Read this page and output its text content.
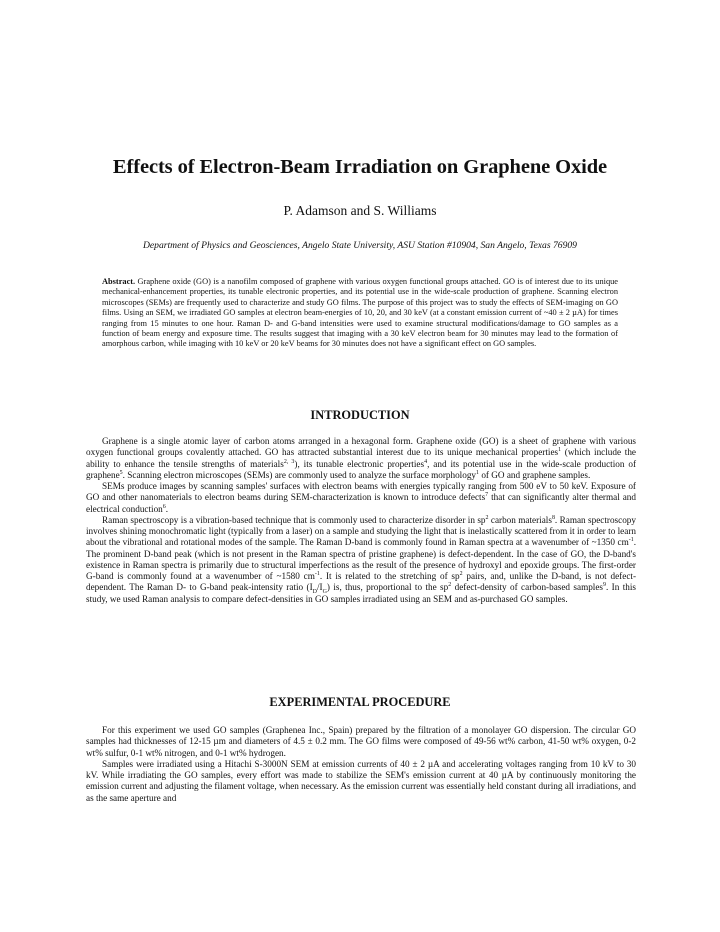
Effects of Electron-Beam Irradiation on Graphene Oxide
P. Adamson and S. Williams
Department of Physics and Geosciences, Angelo State University, ASU Station #10904, San Angelo, Texas 76909
Abstract. Graphene oxide (GO) is a nanofilm composed of graphene with various oxygen functional groups attached. GO is of interest due to its unique mechanical-enhancement properties, its tunable electronic properties, and its potential use in the wide-scale production of graphene. Scanning electron microscopes (SEMs) are frequently used to characterize and study GO films. The purpose of this project was to study the effects of SEM-imaging on GO films. Using an SEM, we irradiated GO samples at electron beam-energies of 10, 20, and 30 keV (at a constant emission current of ~40 ± 2 µA) for times ranging from 15 minutes to one hour. Raman D- and G-band intensities were used to examine structural modifications/damage to GO samples as a function of beam energy and exposure time. The results suggest that imaging with a 30 keV electron beam for 30 minutes may lead to the formation of amorphous carbon, while imaging with 10 keV or 20 keV beams for 30 minutes does not have a significant effect on GO samples.
INTRODUCTION

Graphene is a single atomic layer of carbon atoms arranged in a hexagonal form. Graphene oxide (GO) is a sheet of graphene with various oxygen functional groups covalently attached. GO has attracted substantial interest due to its unique mechanical properties$^1$ (which include the ability to enhance the tensile strengths of materials$^{2, 3}$), its tunable electronic properties$^4$, and its potential use in the wide-scale production of graphene$^5$. Scanning electron microscopes (SEMs) are commonly used to analyze the surface morphology$^1$ of GO and graphene samples.

SEMs produce images by scanning samples' surfaces with electron beams with energies typically ranging from 500 eV to 50 keV. Exposure of GO and other nanomaterials to electron beams during SEM-characterization is known to introduce defects$^7$ that can significantly alter thermal and electrical conduction$^6$.

Raman spectroscopy is a vibration-based technique that is commonly used to characterize disorder in $sp^2$ carbon materials$^8$. Raman spectroscopy involves shining monochromatic light (typically from a laser) on a sample and studying the light that is inelastically scattered from it in order to learn about the vibrational and rotational modes of the sample. The Raman D-band is commonly found in Raman spectra at a wavenumber of ~1350 $cm^{-1}$. The prominent D-band peak (which is not present in the Raman spectra of pristine graphene) is defect-dependent. In the case of GO, the D-band's existence in Raman spectra is primarily due to structural imperfections as the result of the presence of hydroxyl and epoxide groups. The first-order G-band is commonly found at a wavenumber of ~1580 $cm^{-1}$. It is related to the stretching of $sp^2$ pairs, and, unlike the D-band, is not defect-dependent. The Raman D- to G-band peak-intensity ratio $(I_D/I_G)$ is, thus, proportional to the $sp^2$ defect-density of carbon-based samples$^9$. In this study, we used Raman analysis to compare defect-densities in GO samples irradiated using an SEM and as-purchased GO samples.

EXPERIMENTAL PROCEDURE

For this experiment we used GO samples (Graphenea Inc., Spain) prepared by the filtration of a monolayer GO dispersion. The circular GO samples had thicknesses of 12-15 µm and diameters of 4.5 ± 0.2 mm. The GO films were composed of 49-56 wt% carbon, 41-50 wt% oxygen, 0-2 wt% sulfur, 0-1 wt% nitrogen, and 0-1 wt% hydrogen.

Samples were irradiated using a Hitachi S-3000N SEM at emission currents of 40 ± 2 µA and accelerating voltages ranging from 10 kV to 30 kV. While irradiating the GO samples, every effort was made to stabilize the SEM's emission current at 40 µA by continuously monitoring the emission current and adjusting the filament voltage, when necessary. As the emission current was essentially held constant during all irradiations, and as the same aperture and
